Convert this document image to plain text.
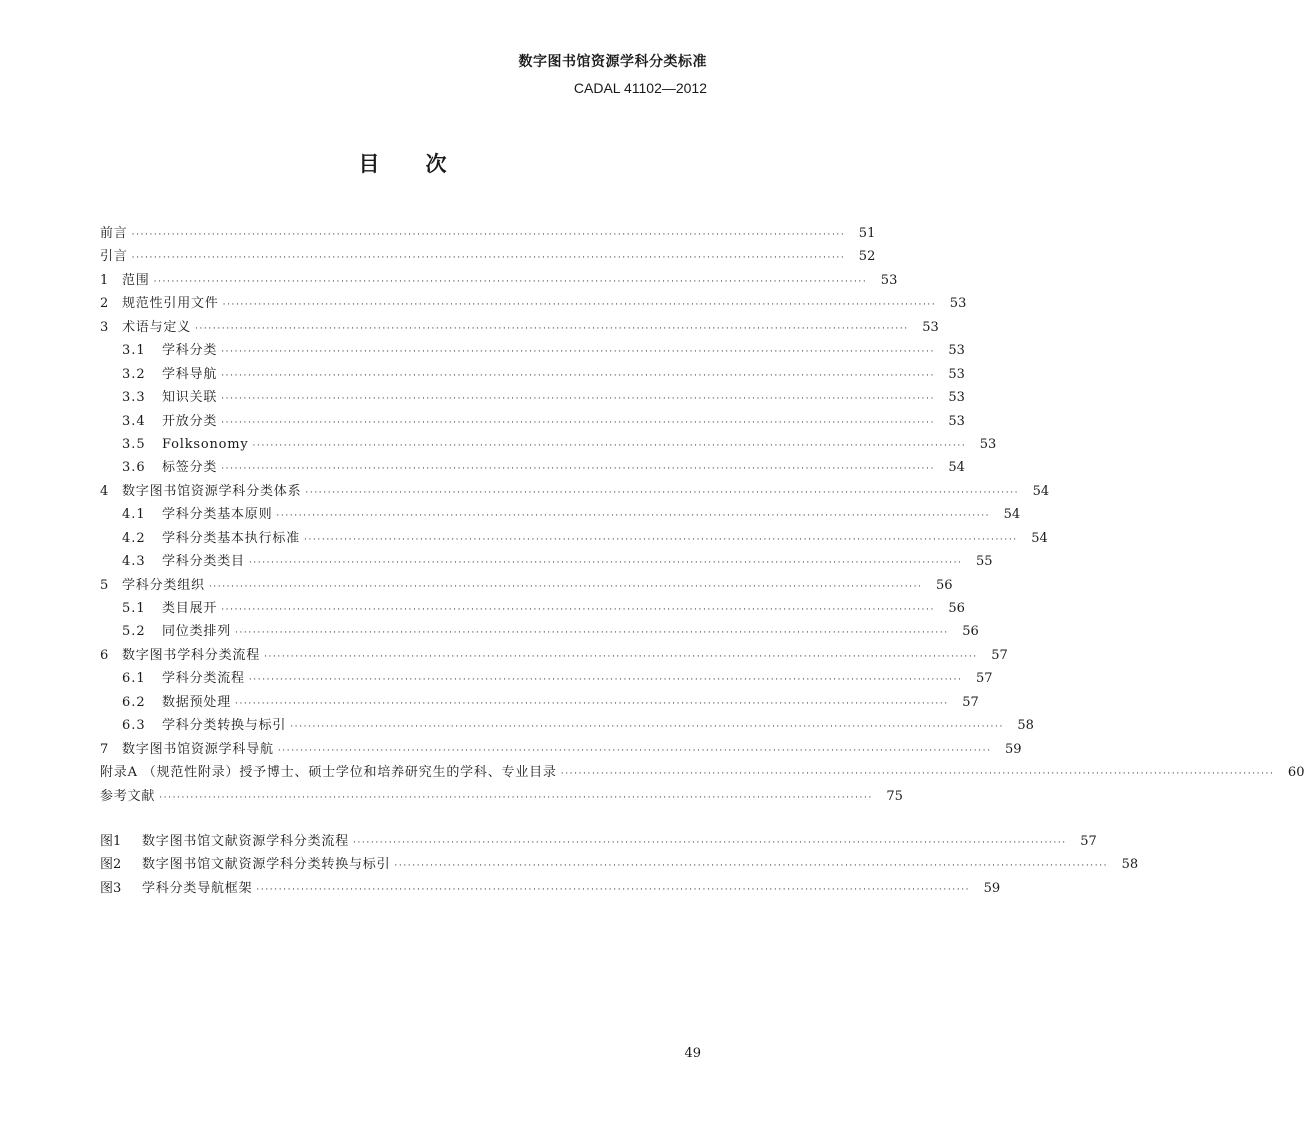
数字图书馆资源学科分类标准
CADAL 41102—2012
目次
前言 ································································································································································	51
引言 ································································································································································	52
1	范围 ································································································································································	53
2	规范性引用文件 ································································································································································	53
3	术语与定义 ································································································································································	53
3.1	学科分类 ································································································································································	53
3.2	学科导航 ································································································································································	53
3.3	知识关联 ································································································································································	53
3.4	开放分类 ································································································································································	53
3.5	Folksonomy ································································································································································	53
3.6	标签分类 ································································································································································	54
4	数字图书馆资源学科分类体系 ································································································································································	54
4.1	学科分类基本原则 ································································································································································	54
4.2	学科分类基本执行标准 ································································································································································	54
4.3	学科分类类目 ································································································································································	55
5	学科分类组织 ································································································································································	56
5.1	类目展开 ································································································································································	56
5.2	同位类排列 ································································································································································	56
6	数字图书学科分类流程 ································································································································································	57
6.1	学科分类流程 ································································································································································	57
6.2	数据预处理 ································································································································································	57
6.3	学科分类转换与标引 ································································································································································	58
7	数字图书馆资源学科导航 ································································································································································	59
附录A （规范性附录）授予博士、硕士学位和培养研究生的学科、专业目录 ································································································································································	60
参考文献 ································································································································································	75
图1	数字图书馆文献资源学科分类流程 ································································································································································	57
图2	数字图书馆文献资源学科分类转换与标引 ································································································································································	58
图3	学科分类导航框架 ································································································································································	59
49
